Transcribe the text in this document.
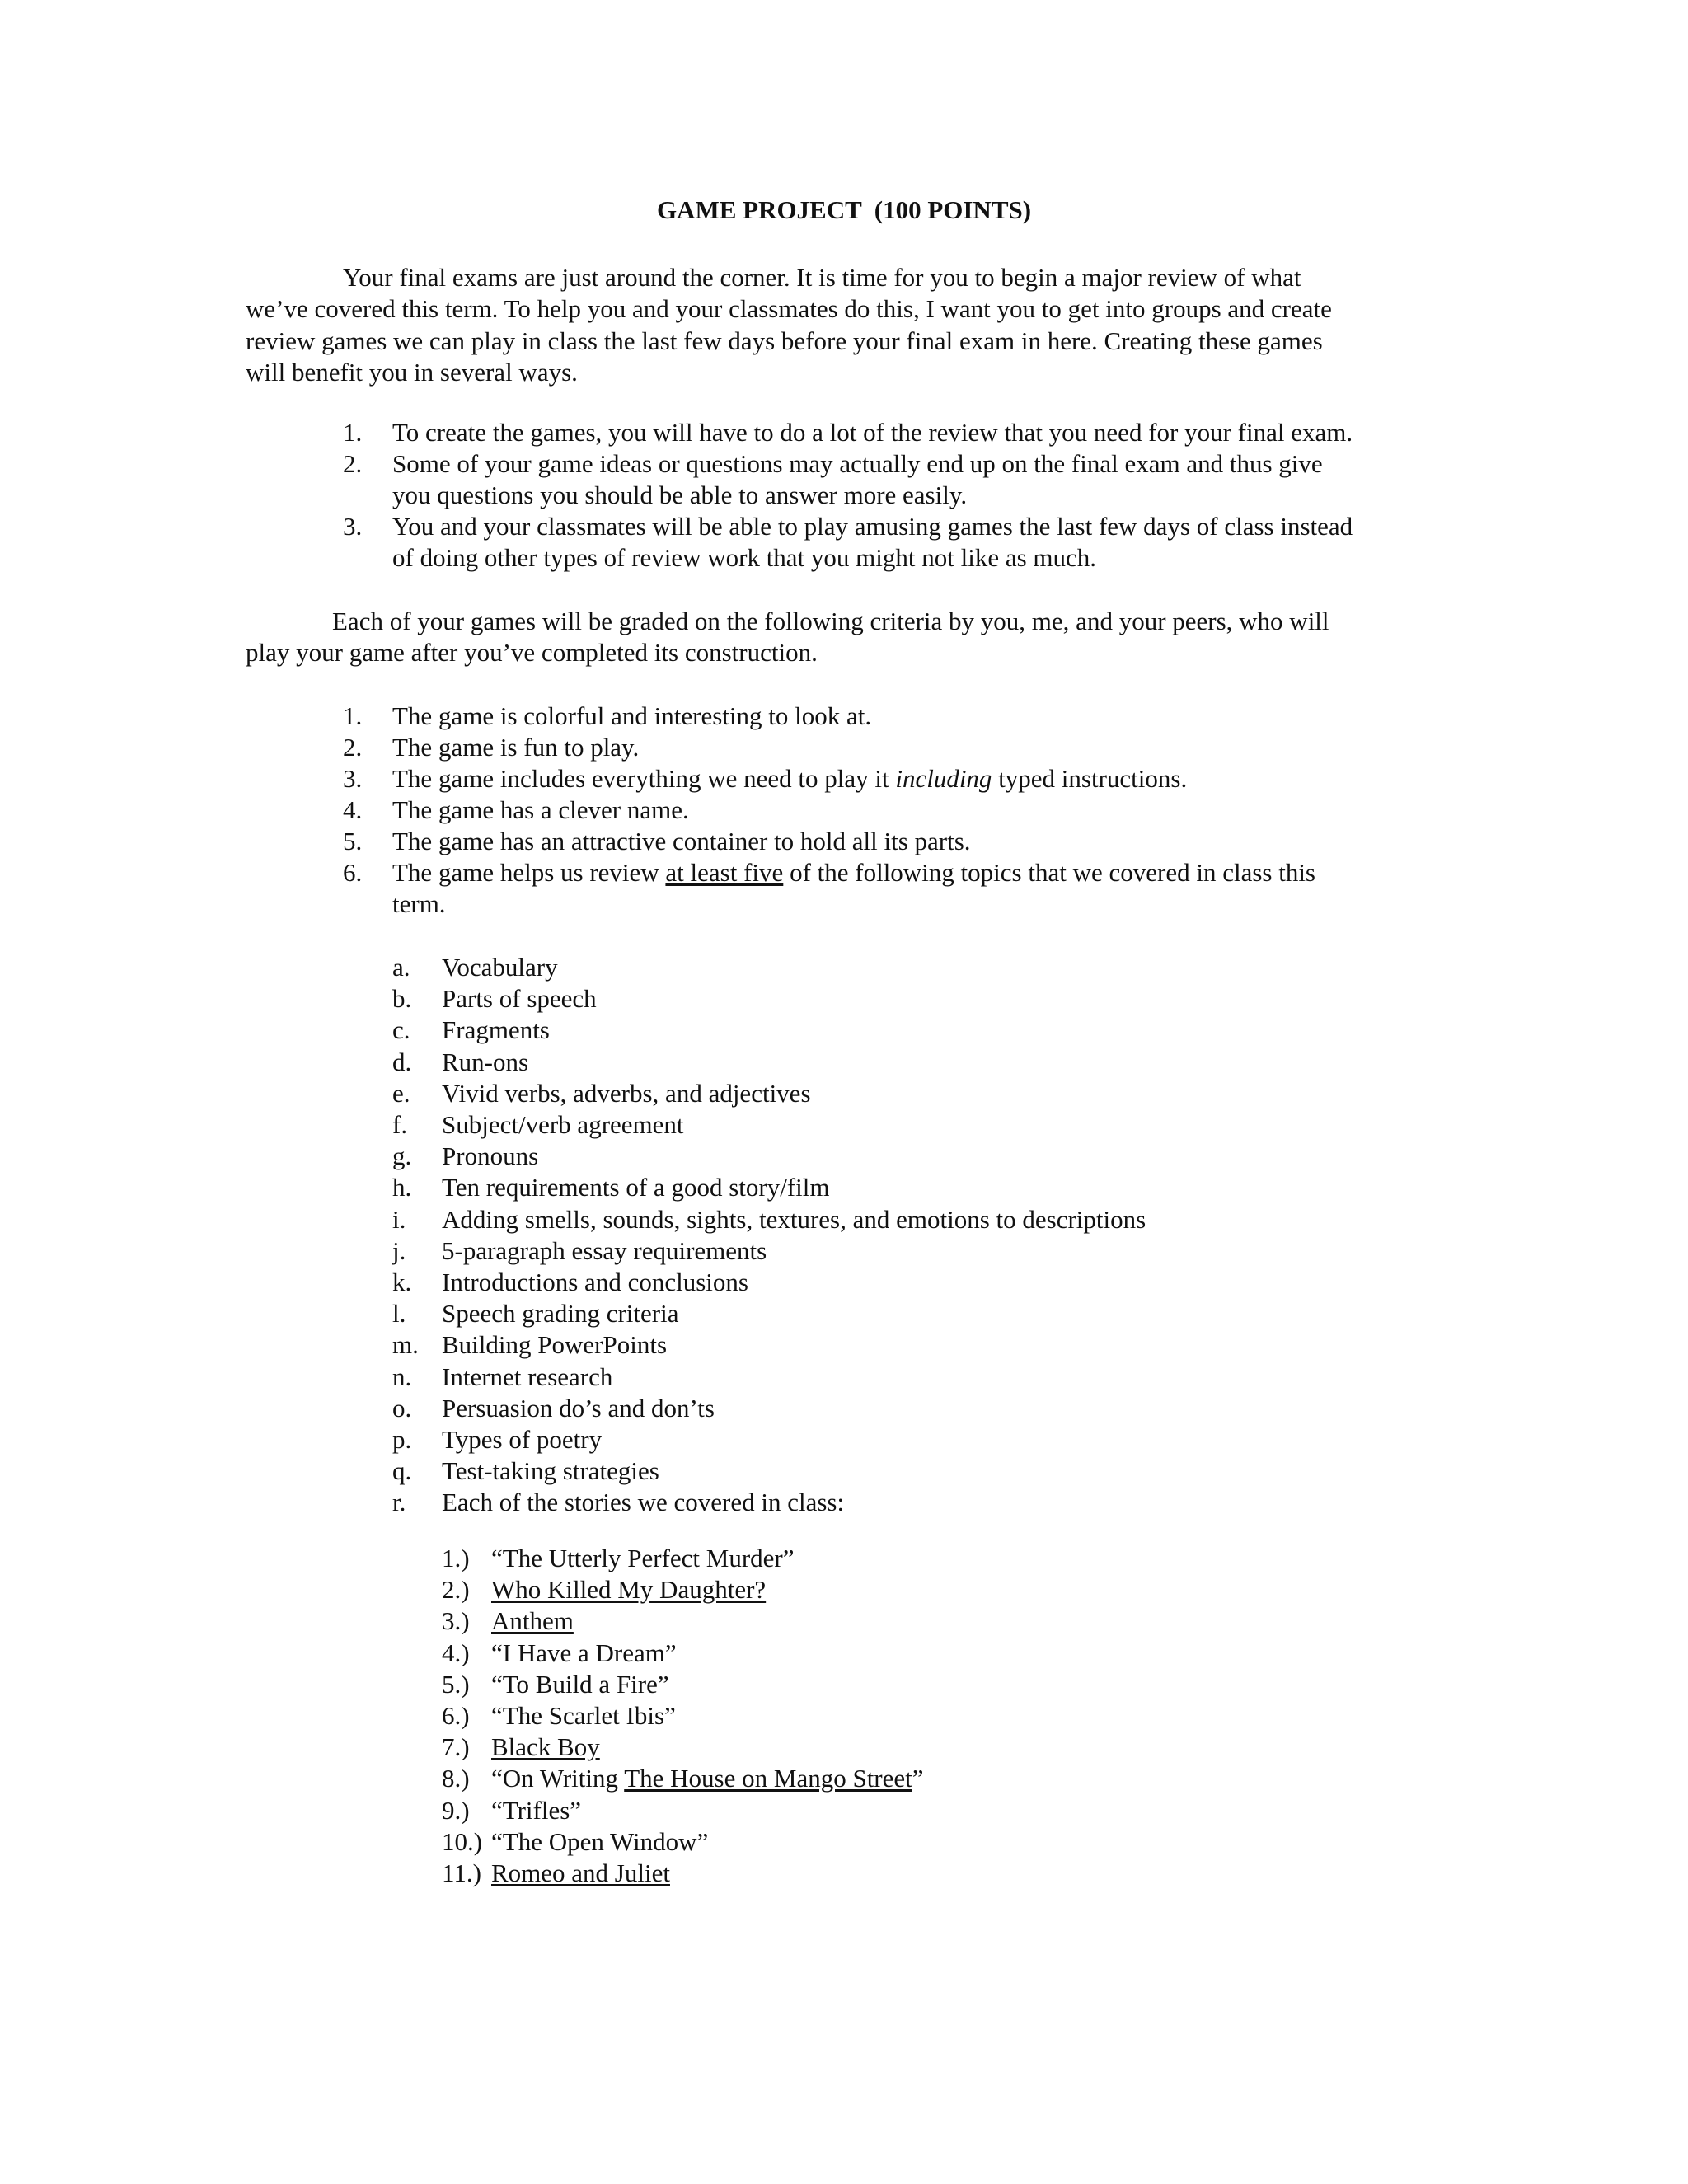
GAME PROJECT  (100 POINTS)
Your final exams are just around the corner. It is time for you to begin a major review of what
we’ve covered this term. To help you and your classmates do this, I want you to get into groups and create
review games we can play in class the last few days before your final exam in here. Creating these games
will benefit you in several ways.
1. To create the games, you will have to do a lot of the review that you need for your final exam.
2. Some of your game ideas or questions may actually end up on the final exam and thus give
you questions you should be able to answer more easily.
3. You and your classmates will be able to play amusing games the last few days of class instead
of doing other types of review work that you might not like as much.
Each of your games will be graded on the following criteria by you, me, and your peers, who will
play your game after you’ve completed its construction.
1. The game is colorful and interesting to look at.
2. The game is fun to play.
3. The game includes everything we need to play it including typed instructions.
4. The game has a clever name.
5. The game has an attractive container to hold all its parts.
6. The game helps us review at least five of the following topics that we covered in class this
term.
a. Vocabulary
b. Parts of speech
c. Fragments
d. Run-ons
e. Vivid verbs, adverbs, and adjectives
f. Subject/verb agreement
g. Pronouns
h. Ten requirements of a good story/film
i. Adding smells, sounds, sights, textures, and emotions to descriptions
j. 5-paragraph essay requirements
k. Introductions and conclusions
l. Speech grading criteria
m. Building PowerPoints
n. Internet research
o. Persuasion do’s and don’ts
p. Types of poetry
q. Test-taking strategies
r. Each of the stories we covered in class:
1.) “The Utterly Perfect Murder”
2.) Who Killed My Daughter?
3.) Anthem
4.) “I Have a Dream”
5.) “To Build a Fire”
6.) “The Scarlet Ibis”
7.) Black Boy
8.) “On Writing The House on Mango Street”
9.) “Trifles”
10.) “The Open Window”
11.) Romeo and Juliet
